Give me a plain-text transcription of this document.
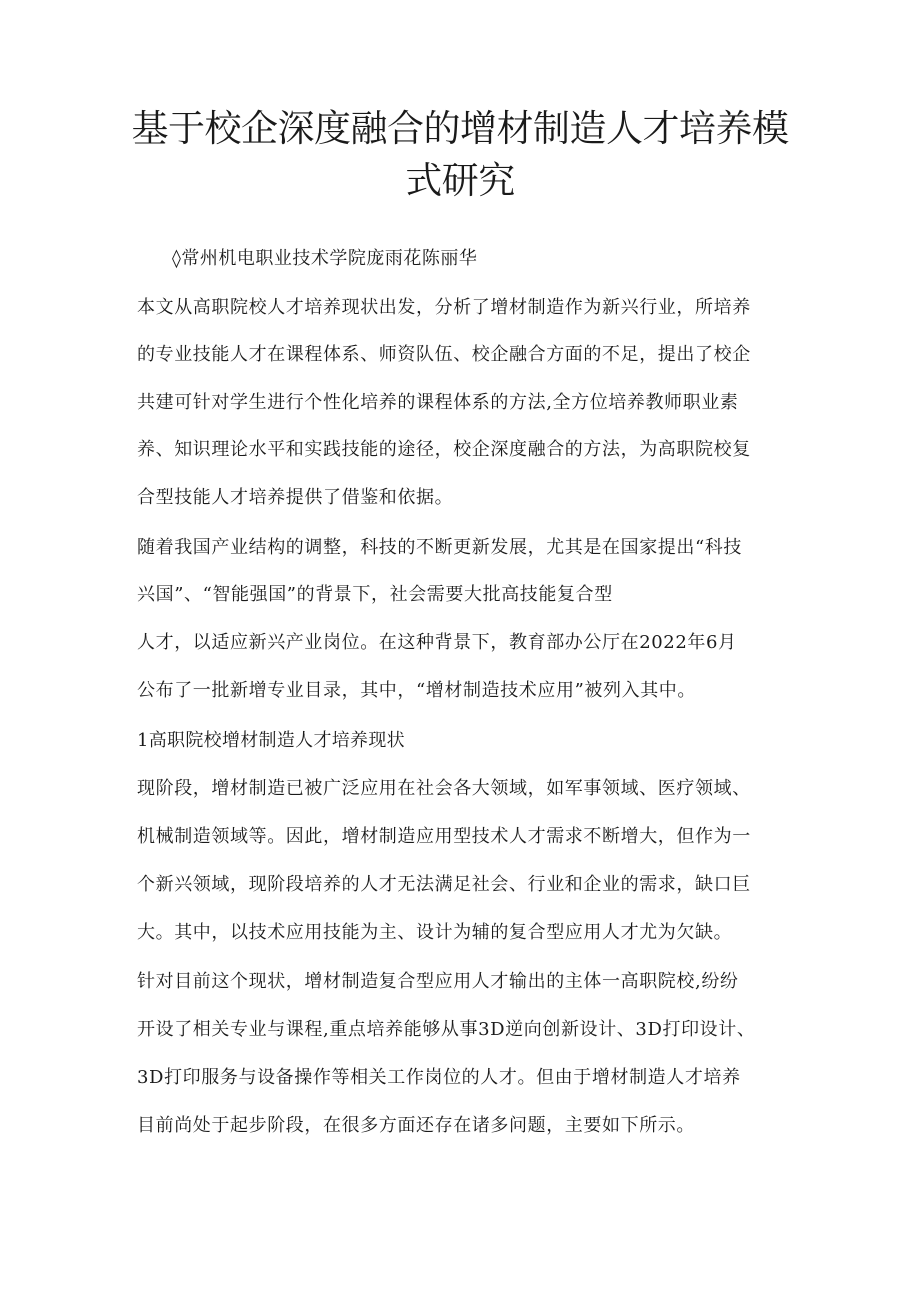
基于校企深度融合的增材制造人才培养模
式研究
◊常州机电职业技术学院庞雨花陈丽华
本文从高职院校人才培养现状出发，分析了增材制造作为新兴行业，所培养
的专业技能人才在课程体系、师资队伍、校企融合方面的不足，提出了校企
共建可针对学生进行个性化培养的课程体系的方法,全方位培养教师职业素
养、知识理论水平和实践技能的途径，校企深度融合的方法，为高职院校复
合型技能人才培养提供了借鉴和依据。
随着我国产业结构的调整，科技的不断更新发展，尤其是在国家提出“科技
兴国”、“智能强国”的背景下，社会需要大批高技能复合型
人才，以适应新兴产业岗位。在这种背景下，教育部办公厅在2022年6月
公布了一批新增专业目录，其中，“增材制造技术应用”被列入其中。
1高职院校增材制造人才培养现状
现阶段，增材制造已被广泛应用在社会各大领域，如军事领域、医疗领域、
机械制造领域等。因此，增材制造应用型技术人才需求不断增大，但作为一
个新兴领域，现阶段培养的人才无法满足社会、行业和企业的需求，缺口巨
大。其中，以技术应用技能为主、设计为辅的复合型应用人才尤为欠缺。
针对目前这个现状，增材制造复合型应用人才输出的主体一高职院校,纷纷
开设了相关专业与课程,重点培养能够从事3D逆向创新设计、3D打印设计、
3D打印服务与设备操作等相关工作岗位的人才。但由于增材制造人才培养
目前尚处于起步阶段，在很多方面还存在诸多问题，主要如下所示。
